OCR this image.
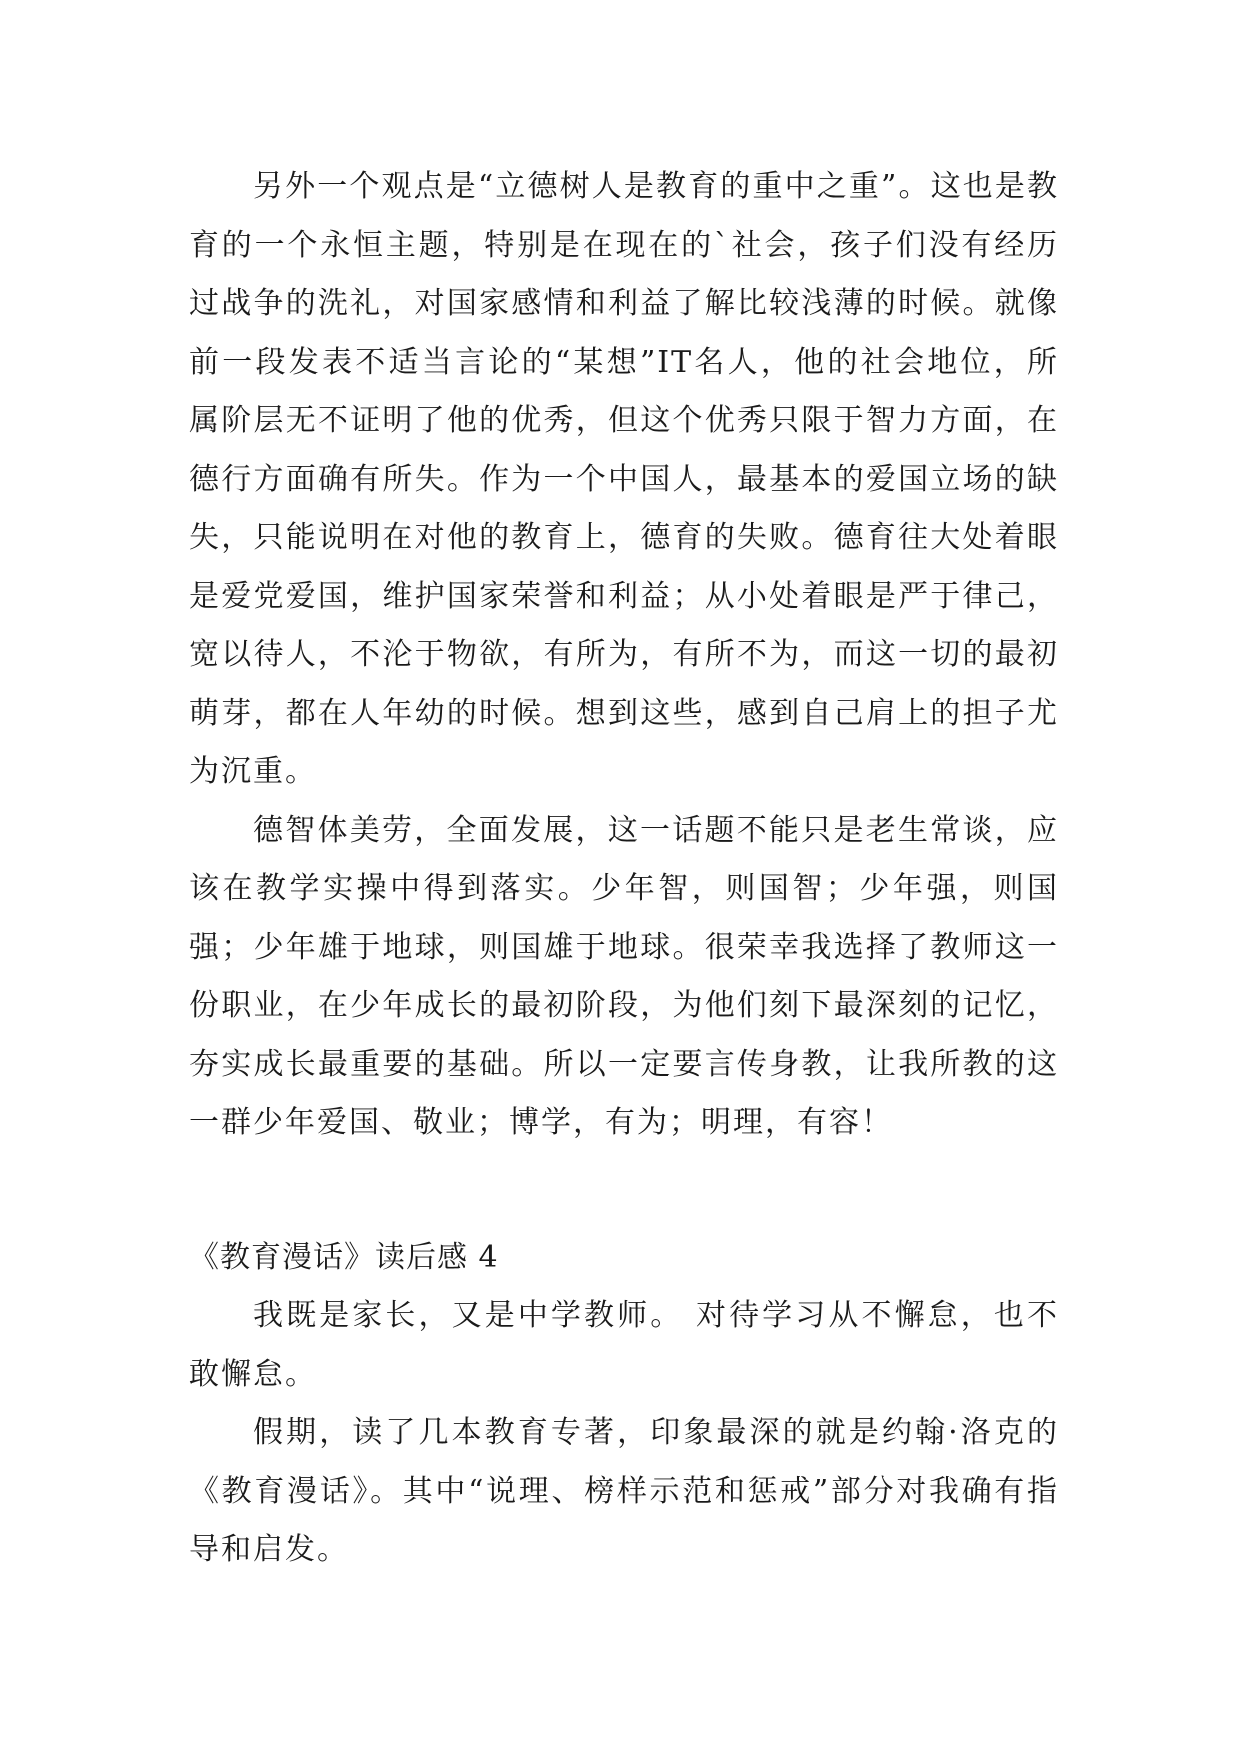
另外一个观点是“立德树人是教育的重中之重”。这也是教育的一个永恒主题，特别是在现在的`社会，孩子们没有经历过战争的洗礼，对国家感情和利益了解比较浅薄的时候。就像前一段发表不适当言论的“某想”IT名人，他的社会地位，所属阶层无不证明了他的优秀，但这个优秀只限于智力方面，在德行方面确有所失。作为一个中国人，最基本的爱国立场的缺失，只能说明在对他的教育上，德育的失败。德育往大处着眼是爱党爱国，维护国家荣誉和利益；从小处着眼是严于律己，宽以待人，不沦于物欲，有所为，有所不为，而这一切的最初萌芽，都在人年幼的时候。想到这些，感到自己肩上的担子尤为沉重。

德智体美劳，全面发展，这一话题不能只是老生常谈，应该在教学实操中得到落实。少年智，则国智；少年强，则国强；少年雄于地球，则国雄于地球。很荣幸我选择了教师这一份职业，在少年成长的最初阶段，为他们刻下最深刻的记忆，夯实成长最重要的基础。所以一定要言传身教，让我所教的这一群少年爱国、敬业；博学，有为；明理，有容！

《教育漫话》读后感 4

我既是家长，又是中学教师。 对待学习从不懈怠，也不敢懈怠。

假期，读了几本教育专著，印象最深的就是约翰·洛克的《教育漫话》。其中“说理、榜样示范和惩戒”部分对我确有指导和启发。
